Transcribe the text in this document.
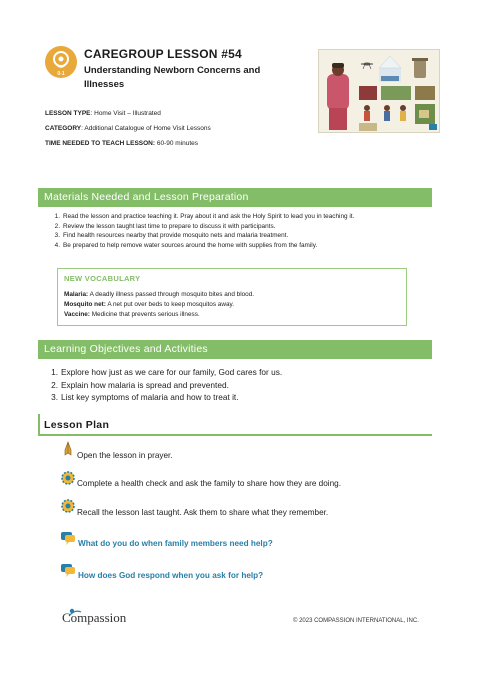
0-1
CAREGROUP LESSON #54
Understanding Newborn Concerns and Illnesses
LESSON TYPE: Home Visit – Illustrated
CATEGORY: Additional Catalogue of Home Visit Lessons
TIME NEEDED TO TEACH LESSON: 60-90 minutes
Materials Needed and Lesson Preparation
1. Read the lesson and practice teaching it. Pray about it and ask the Holy Spirit to lead you in teaching it.
2. Review the lesson taught last time to prepare to discuss it with participants.
3. Find health resources nearby that provide mosquito nets and malaria treatment.
4. Be prepared to help remove water sources around the home with supplies from the family.
NEW VOCABULARY
Malaria: A deadly illness passed through mosquito bites and blood.
Mosquito net: A net put over beds to keep mosquitos away.
Vaccine: Medicine that prevents serious illness.
Learning Objectives and Activities
1. Explore how just as we care for our family, God cares for us.
2. Explain how malaria is spread and prevented.
3. List key symptoms of malaria and how to treat it.
Lesson Plan
Open the lesson in prayer.
Complete a health check and ask the family to share how they are doing.
Recall the lesson last taught. Ask them to share what they remember.
What do you do when family members need help?
How does God respond when you ask for help?
Compassion	© 2023 COMPASSION INTERNATIONAL, INC.
